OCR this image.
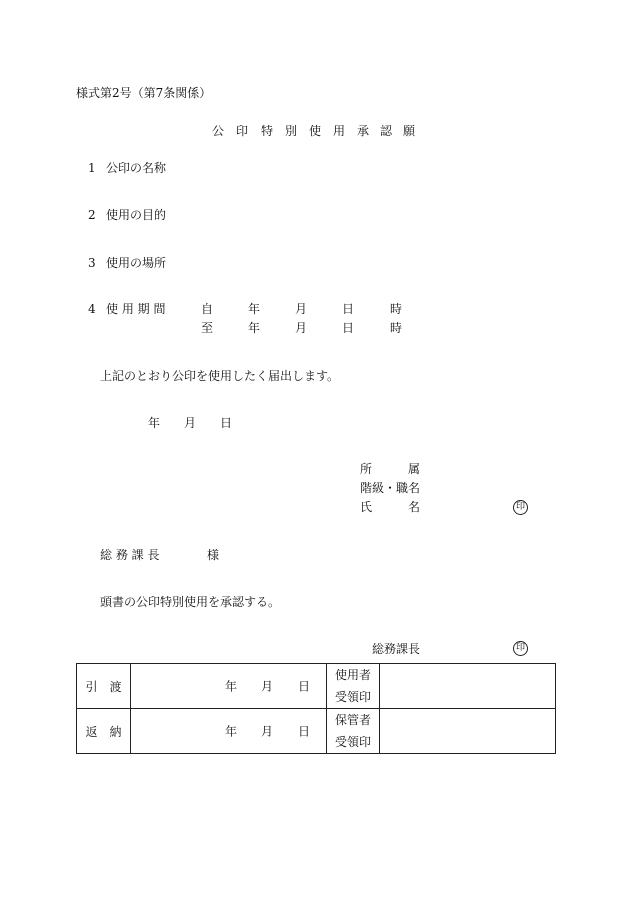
様式第2号（第7条関係）
公 印 特 別 使 用 承 認 願
1 公印の名称
2 使用の目的
3 使用の場所
4 使 用 期 間	自	年	月	日	時
至	年	月	日	時
上記のとおり公印を使用したく届出します。
年 月 日
所	属
階級・職名
氏	名	印
総 務 課 長	様
頭書の公印特別使用を承認する。
総務課長	印
引　渡	年 月 日	使用者	
		受領印	
返　納	年 月 日	保管者	
		受領印	
